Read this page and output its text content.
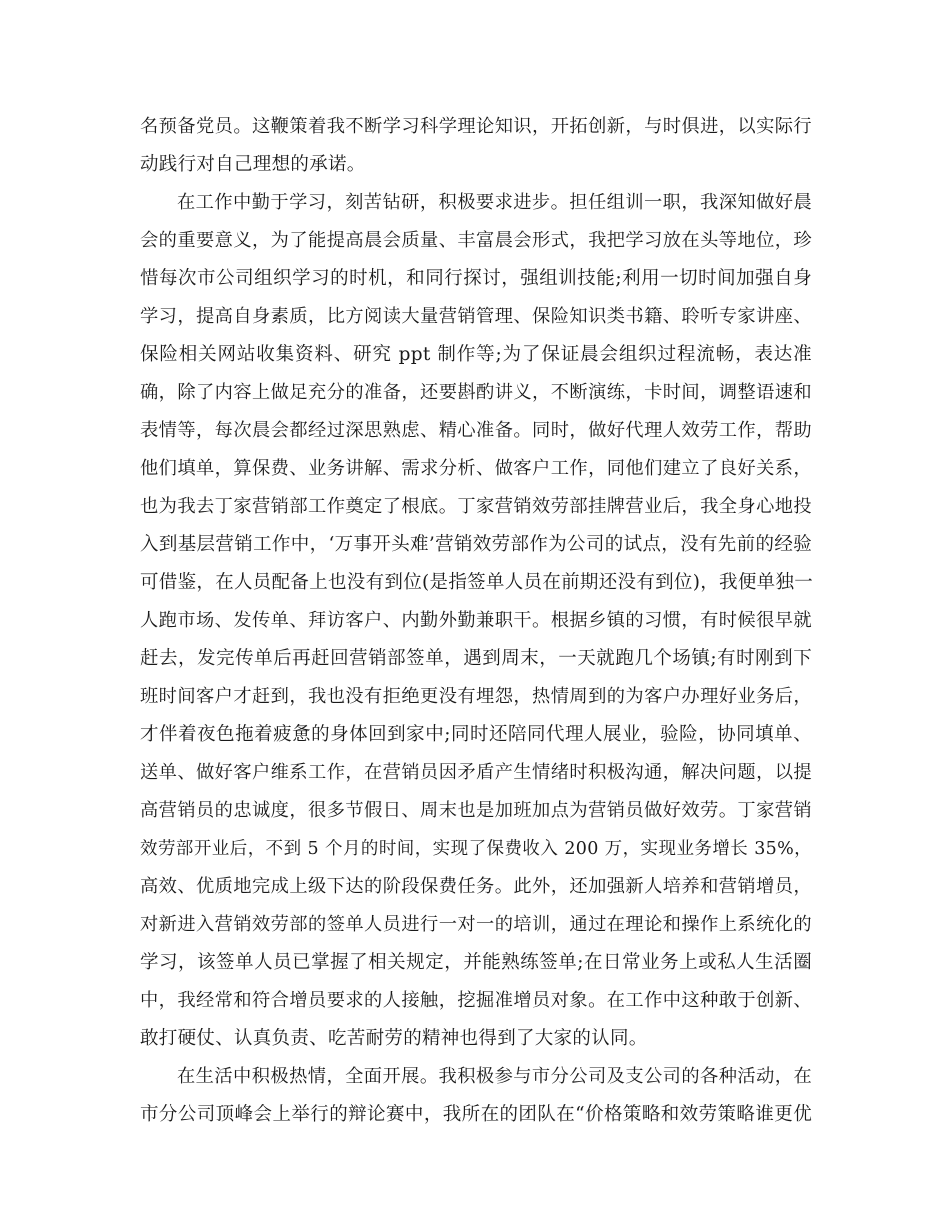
名预备党员。这鞭策着我不断学习科学理论知识，开拓创新，与时俱进，以实际行
动践行对自己理想的承诺。
在工作中勤于学习，刻苦钻研，积极要求进步。担任组训一职，我深知做好晨
会的重要意义，为了能提高晨会质量、丰富晨会形式，我把学习放在头等地位，珍
惜每次市公司组织学习的时机，和同行探讨，强组训技能;利用一切时间加强自身
学习，提高自身素质，比方阅读大量营销管理、保险知识类书籍、聆听专家讲座、
保险相关网站收集资料、研究 ppt 制作等;为了保证晨会组织过程流畅，表达准
确，除了内容上做足充分的准备，还要斟酌讲义，不断演练，卡时间，调整语速和
表情等，每次晨会都经过深思熟虑、精心准备。同时，做好代理人效劳工作，帮助
他们填单，算保费、业务讲解、需求分析、做客户工作，同他们建立了良好关系，
也为我去丁家营销部工作奠定了根底。丁家营销效劳部挂牌营业后，我全身心地投
入到基层营销工作中，‘万事开头难’营销效劳部作为公司的试点，没有先前的经验
可借鉴，在人员配备上也没有到位(是指签单人员在前期还没有到位)，我便单独一
人跑市场、发传单、拜访客户、内勤外勤兼职干。根据乡镇的习惯，有时候很早就
赶去，发完传单后再赶回营销部签单，遇到周末，一天就跑几个场镇;有时刚到下
班时间客户才赶到，我也没有拒绝更没有埋怨，热情周到的为客户办理好业务后，
才伴着夜色拖着疲惫的身体回到家中;同时还陪同代理人展业，验险，协同填单、
送单、做好客户维系工作，在营销员因矛盾产生情绪时积极沟通，解决问题，以提
高营销员的忠诚度，很多节假日、周末也是加班加点为营销员做好效劳。丁家营销
效劳部开业后，不到 5 个月的时间，实现了保费收入 200 万，实现业务增长 35%，
高效、优质地完成上级下达的阶段保费任务。此外，还加强新人培养和营销增员，
对新进入营销效劳部的签单人员进行一对一的培训，通过在理论和操作上系统化的
学习，该签单人员已掌握了相关规定，并能熟练签单;在日常业务上或私人生活圈
中，我经常和符合增员要求的人接触，挖掘准增员对象。在工作中这种敢于创新、
敢打硬仗、认真负责、吃苦耐劳的精神也得到了大家的认同。
在生活中积极热情，全面开展。我积极参与市分公司及支公司的各种活动，在
市分公司顶峰会上举行的辩论赛中，我所在的团队在“价格策略和效劳策略谁更优
